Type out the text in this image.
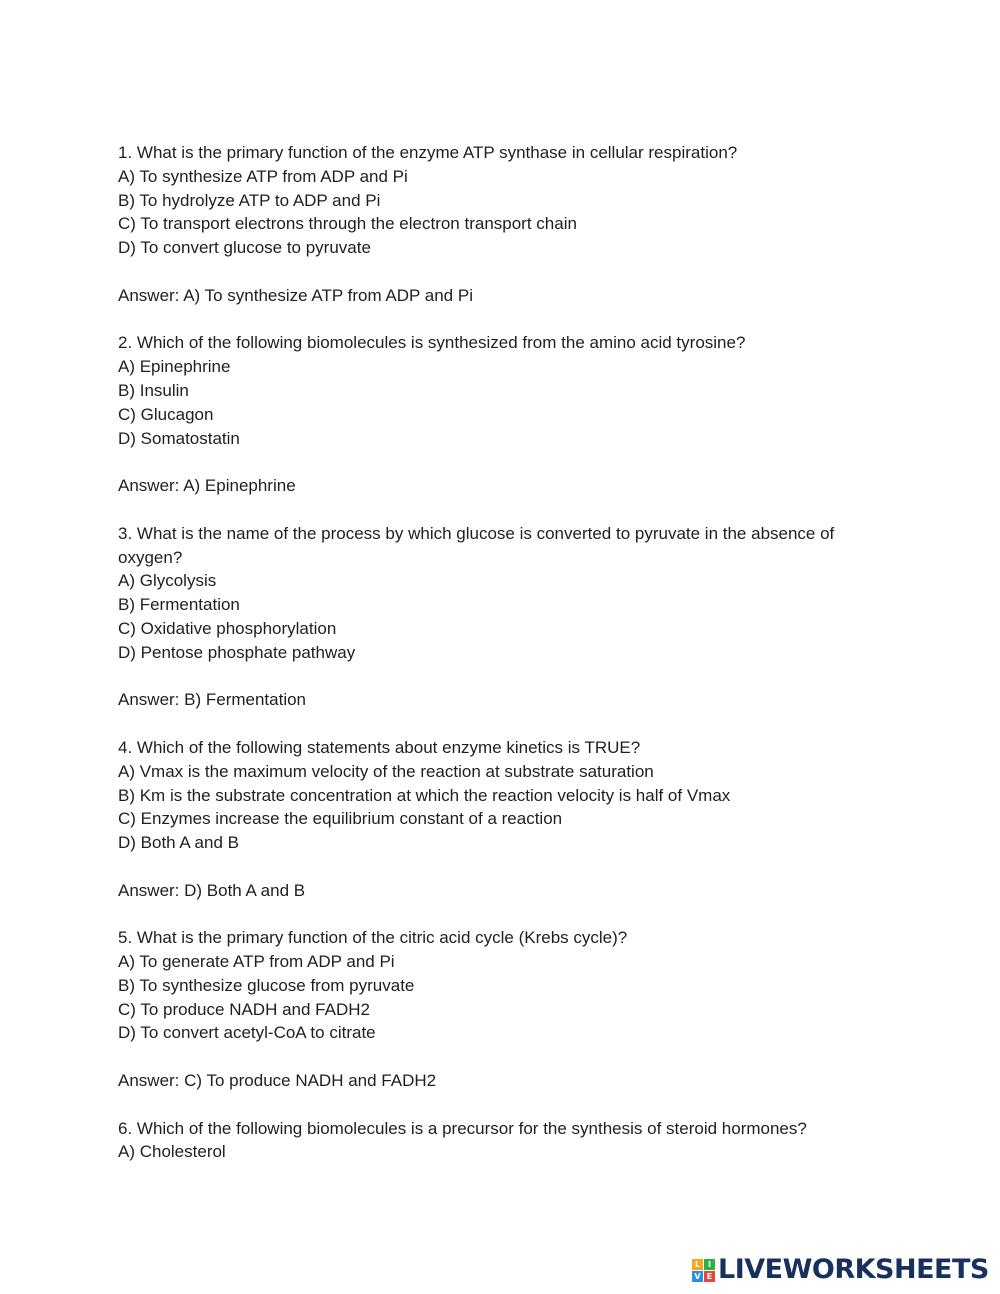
1. What is the primary function of the enzyme ATP synthase in cellular respiration?
A) To synthesize ATP from ADP and Pi
B) To hydrolyze ATP to ADP and Pi
C) To transport electrons through the electron transport chain
D) To convert glucose to pyruvate
Answer: A) To synthesize ATP from ADP and Pi
2. Which of the following biomolecules is synthesized from the amino acid tyrosine?
A) Epinephrine
B) Insulin
C) Glucagon
D) Somatostatin
Answer: A) Epinephrine
3. What is the name of the process by which glucose is converted to pyruvate in the absence of oxygen?
A) Glycolysis
B) Fermentation
C) Oxidative phosphorylation
D) Pentose phosphate pathway
Answer: B) Fermentation
4. Which of the following statements about enzyme kinetics is TRUE?
A) Vmax is the maximum velocity of the reaction at substrate saturation
B) Km is the substrate concentration at which the reaction velocity is half of Vmax
C) Enzymes increase the equilibrium constant of a reaction
D) Both A and B
Answer: D) Both A and B
5. What is the primary function of the citric acid cycle (Krebs cycle)?
A) To generate ATP from ADP and Pi
B) To synthesize glucose from pyruvate
C) To produce NADH and FADH2
D) To convert acetyl-CoA to citrate
Answer: C) To produce NADH and FADH2
6. Which of the following biomolecules is a precursor for the synthesis of steroid hormones?
A) Cholesterol
L I
V E LIVEWORKSHEETS
